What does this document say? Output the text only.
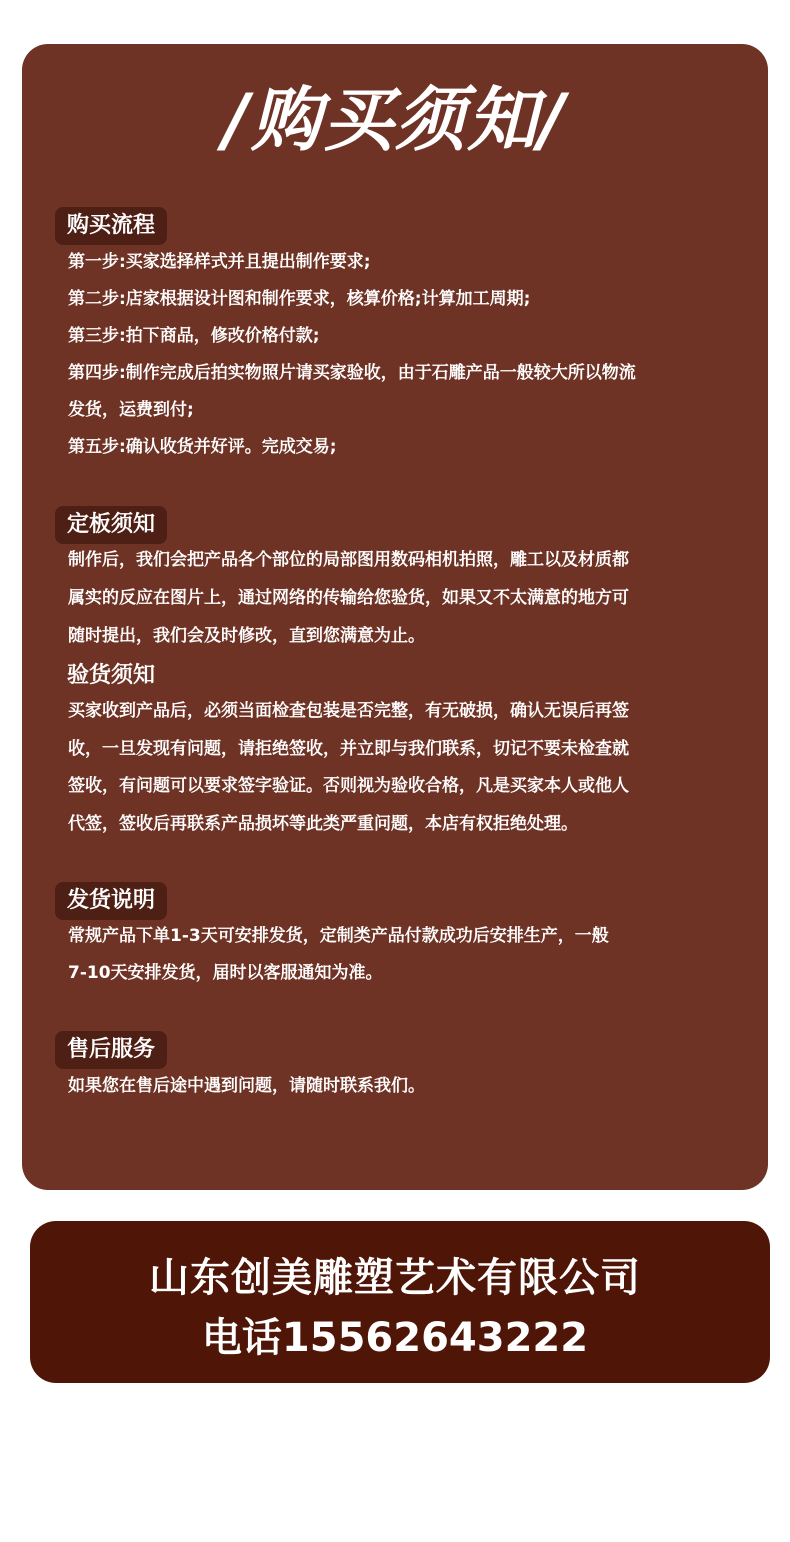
/购买须知/
购买流程
第一步:买家选择样式并且提出制作要求;
第二步:店家根据设计图和制作要求，核算价格;计算加工周期;
第三步:拍下商品，修改价格付款;
第四步:制作完成后拍实物照片请买家验收，由于石雕产品一般较大所以物流
发货，运费到付;
第五步:确认收货并好评。完成交易;
定板须知
制作后，我们会把产品各个部位的局部图用数码相机拍照，雕工以及材质都
属实的反应在图片上，通过网络的传输给您验货，如果又不太满意的地方可
随时提出，我们会及时修改，直到您满意为止。
验货须知
买家收到产品后，必须当面检查包装是否完整，有无破损，确认无误后再签
收，一旦发现有问题，请拒绝签收，并立即与我们联系，切记不要未检查就
签收，有问题可以要求签字验证。否则视为验收合格，凡是买家本人或他人
代签，签收后再联系产品损坏等此类严重问题，本店有权拒绝处理。
发货说明
常规产品下单1-3天可安排发货，定制类产品付款成功后安排生产，一般
7-10天安排发货，届时以客服通知为准。
售后服务
如果您在售后途中遇到问题，请随时联系我们。
山东创美雕塑艺术有限公司
电话15562643222
